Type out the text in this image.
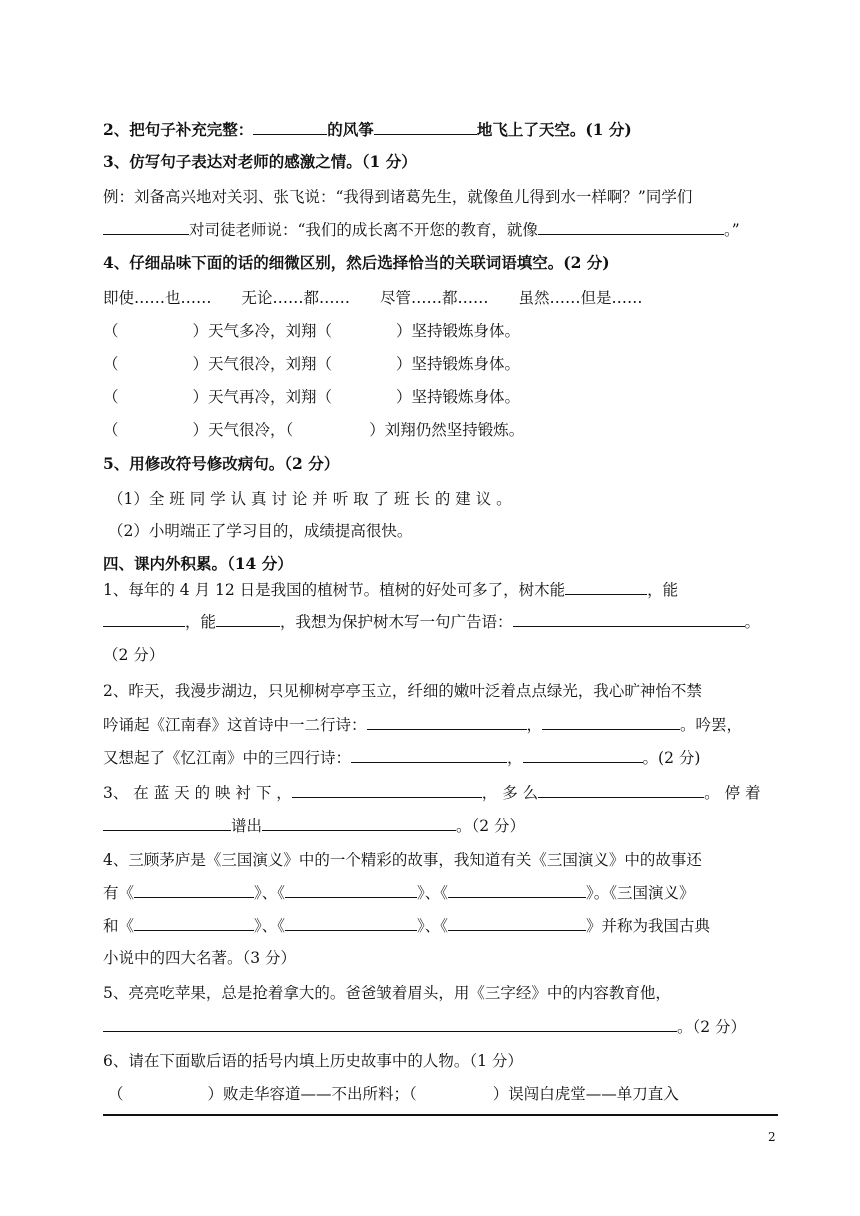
2、把句子补充完整：	的风筝	地飞上了天空。(1 分)
3、仿写句子表达对老师的感激之情。（1 分）
例：刘备高兴地对关羽、张飞说：“我得到诸葛先生，就像鱼儿得到水一样啊？”同学们
对司徒老师说：“我们的成长离不开您的教育，就像	。”
4、仔细品味下面的话的细微区别，然后选择恰当的关联词语填空。(2 分)
即使……也…… 无论……都…… 尽管……都…… 虽然……但是……
（	）天气多冷，刘翔（	）坚持锻炼身体。
（	）天气很冷，刘翔（	）坚持锻炼身体。
（	）天气再冷，刘翔（	）坚持锻炼身体。
（	）天气很冷，（	）刘翔仍然坚持锻炼。
5、用修改符号修改病句。（2 分）
（1）全 班 同 学 认 真 讨 论 并 听 取 了 班 长 的 建 议 。
（2）小明端正了学习目的，成绩提高很快。
四、课内外积累。（14 分）
1、每年的 4 月 12 日是我国的植树节。植树的好处可多了，树木能	，能
，能	，我想为保护树木写一句广告语：	。
（2 分）
2、昨天，我漫步湖边，只见柳树亭亭玉立，纤细的嫩叶泛着点点绿光，我心旷神怡不禁
吟诵起《江南春》这首诗中一二行诗：	，	。吟罢，
又想起了《忆江南》中的三四行诗：	，	。(2 分)
3、 在 蓝 天 的 映 衬 下 ，	， 多 么	。 停 着
谱出	。（2 分）
4、三顾茅庐是《三国演义》中的一个精彩的故事，我知道有关《三国演义》中的故事还
有《	》、《	》、《	》。《三国演义》
和《	》、《	》、《	》并称为我国古典
小说中的四大名著。（3 分）
5、亮亮吃苹果，总是抢着拿大的。爸爸皱着眉头，用《三字经》中的内容教育他，
。（2 分）
6、请在下面歇后语的括号内填上历史故事中的人物。（1 分）
（	）败走华容道——不出所料；（	）误闯白虎堂——单刀直入
2
